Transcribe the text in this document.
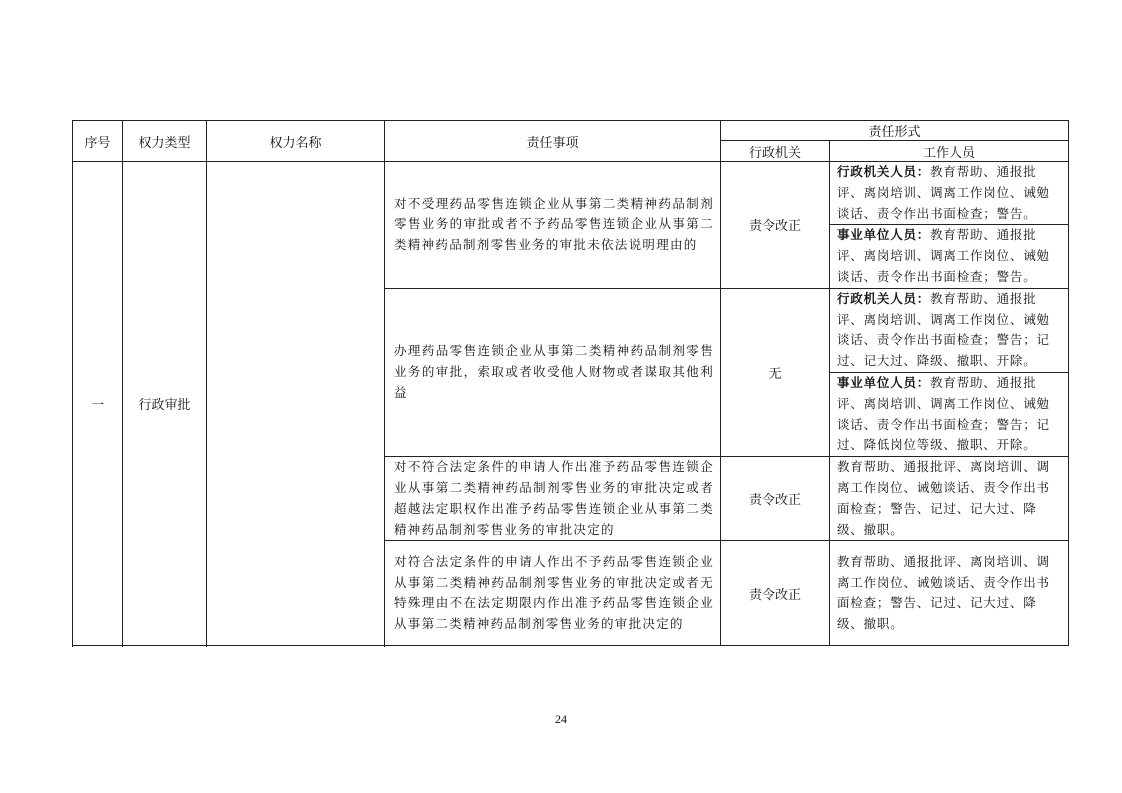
序号	权力类型	权力名称	责任事项	责任形式	
				行政机关	工作人员
一	行政审批		对不受理药品零售连锁企业从事第二类精神药品制剂零售业务的审批或者不予药品零售连锁企业从事第二类精神药品制剂零售业务的审批未依法说明理由的	责令改正	行政机关人员：教育帮助、通报批评、离岗培训、调离工作岗位、诫勉谈话、责令作出书面检查；警告。
					事业单位人员：教育帮助、通报批评、离岗培训、调离工作岗位、诫勉谈话、责令作出书面检查；警告。
			办理药品零售连锁企业从事第二类精神药品制剂零售业务的审批，索取或者收受他人财物或者谋取其他利益	无	行政机关人员：教育帮助、通报批评、离岗培训、调离工作岗位、诫勉谈话、责令作出书面检查；警告；记过、记大过、降级、撤职、开除。
					事业单位人员：教育帮助、通报批评、离岗培训、调离工作岗位、诫勉谈话、责令作出书面检查；警告；记过、降低岗位等级、撤职、开除。
			对不符合法定条件的申请人作出准予药品零售连锁企业从事第二类精神药品制剂零售业务的审批决定或者超越法定职权作出准予药品零售连锁企业从事第二类精神药品制剂零售业务的审批决定的	责令改正	教育帮助、通报批评、离岗培训、调离工作岗位、诫勉谈话、责令作出书面检查；警告、记过、记大过、降级、撤职。
			对符合法定条件的申请人作出不予药品零售连锁企业从事第二类精神药品制剂零售业务的审批决定或者无特殊理由不在法定期限内作出准予药品零售连锁企业从事第二类精神药品制剂零售业务的审批决定的	责令改正	教育帮助、通报批评、离岗培训、调离工作岗位、诫勉谈话、责令作出书面检查；警告、记过、记大过、降级、撤职。

24
